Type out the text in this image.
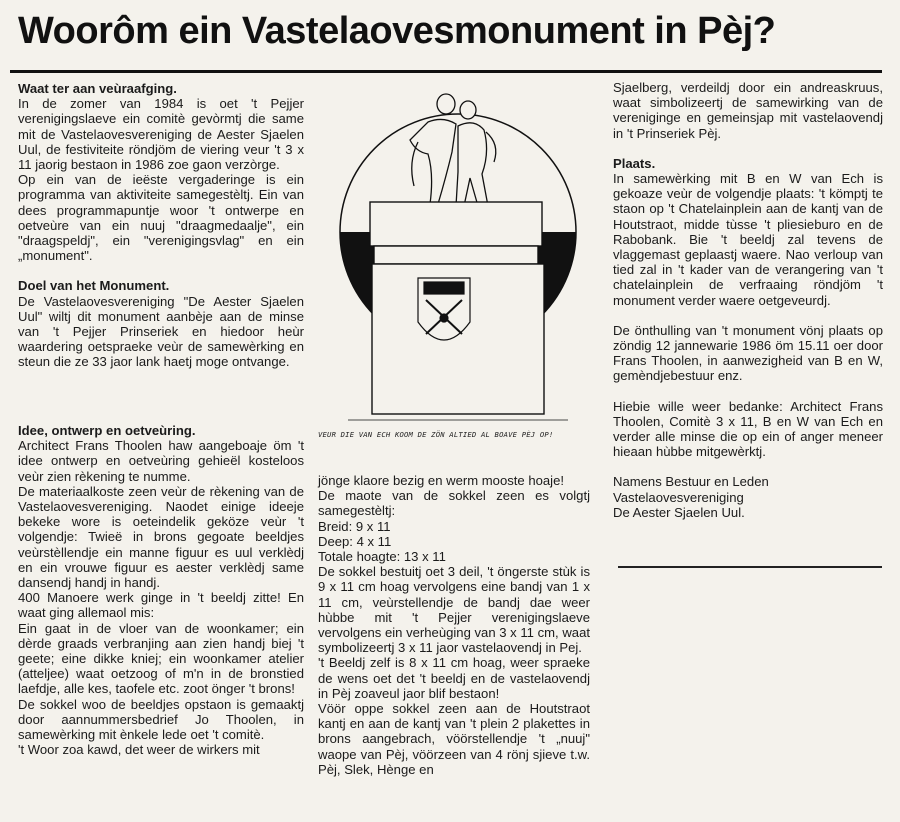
Woorôm ein Vastelaovesmonument in Pèj?
Waat ter aan veùraafging.

In de zomer van 1984 is oet 't Pejjer verenigingslaeve ein comitè gevòrmtj die same mit de Vastelaovesvereniging de Aester Sjaelen Uul, de festiviteite röndjöm de viering veur 't 3 x 11 jaorig bestaon in 1986 zoe gaon verzòrge.

Op ein van de ieëste vergaderinge is ein programma van aktiviteite samegestèltj. Ein van dees programmapuntje woor 't ontwerpe en oetveùre van ein nuuj "draagmedaalje", ein "draagspeldj", ein "verenigingsvlag" en ein „monument".

Doel van het Monument.

De Vastelaovesvereniging "De Aester Sjaelen Uul" wiltj dit monument aanbèje aan de minse van 't Pejjer Prinseriek en hiedoor heùr waardering oetspraeke veùr de samewèrking en steun die ze 33 jaor lank haetj moge ontvange.

Idee, ontwerp en oetveùring.

Architect Frans Thoolen haw aangeboaje öm 't idee ontwerp en oetveùring gehieël kosteloos veùr zien rèkening te numme.

De materiaalkoste zeen veùr de rèkening van de Vastelaovesvereniging. Naodet einige ideeje bekeke wore is oeteindelik geköze veùr 't volgendje: Twieë in brons gegoate beeldjes veùrstèllendje ein manne figuur es uul verklèdj en ein vrouwe figuur es aester verklèdj same dansendj handj in handj.

400 Manoere werk ginge in 't beeldj zitte! En waat ging allemaol mis:

Ein gaat in de vloer van de woonkamer; ein dèrde graads verbranjing aan zien handj biej 't geete; eine dikke kniej; ein woonkamer atelier (atteljee) waat oetzoog of m'n in de bronstied laefdje, alle kes, taofele etc. zoot önger 't brons!

De sokkel woo de beeldjes opstaon is gemaaktj door aannummersbedrief Jo Thoolen, in samewèrking mit ènkele lede oet 't comitè.

't Woor zoa kawd, det weer de wirkers mit

VEUR DIE VAN ECH KOOM DE ZÖN ALTIED AL BOAVE PÈJ OP!

jönge klaore bezig en werm mooste hoaje!

De maote van de sokkel zeen es volgtj samegestèltj:

Breid: 9 x 11

Deep: 4 x 11

Totale hoagte: 13 x 11

De sokkel bestuitj oet 3 deil, 't öngerste stùk is 9 x 11 cm hoag vervolgens eine bandj van 1 x 11 cm, veùrstellendje de bandj dae weer hùbbe mit 't Pejjer verenigingslaeve vervolgens ein verheùging van 3 x 11 cm, waat symbolizeertj 3 x 11 jaor vastelaovendj in Pej.

't Beeldj zelf is 8 x 11 cm hoag, weer spraeke de wens oet det 't beeldj en de vastelaovendj in Pèj zoaveul jaor blif bestaon!

Vöör oppe sokkel zeen aan de Houtstraot kantj en aan de kantj van 't plein 2 plakettes in brons aangebrach, vöörstellendje 't „nuuj" waope van Pèj, vöörzeen van 4 rönj sjieve t.w. Pèj, Slek, Hènge en

Sjaelberg, verdeildj door ein andreaskruus, waat simbolizeertj de samewirking van de vereniginge en gemeinsjap mit vastelaovendj in 't Prinseriek Pèj.

Plaats.

In samewèrking mit B en W van Ech is gekoaze veùr de volgendje plaats: 't kömptj te staon op 't Chatelainplein aan de kantj van de Houtstraot, midde tùsse 't pliesieburo en de Rabobank. Bie 't beeldj zal tevens de vlaggemast geplaastj waere. Nao verloup van tied zal in 't kader van de verangering van 't chatelainplein de verfraaing röndjöm 't monument verder waere oetgeveurdj.

De önthulling van 't monument vönj plaats op zöndig 12 jannewarie 1986 öm 15.11 oer door Frans Thoolen, in aanwezigheid van B en W, gemèndjebestuur enz.

Hiebie wille weer bedanke: Architect Frans Thoolen, Comitè 3 x 11, B en W van Ech en verder alle minse die op ein of anger meneer hieaan hùbbe mitgewèrktj.

Namens Bestuur en Leden

Vastelaovesvereniging

De Aester Sjaelen Uul.
